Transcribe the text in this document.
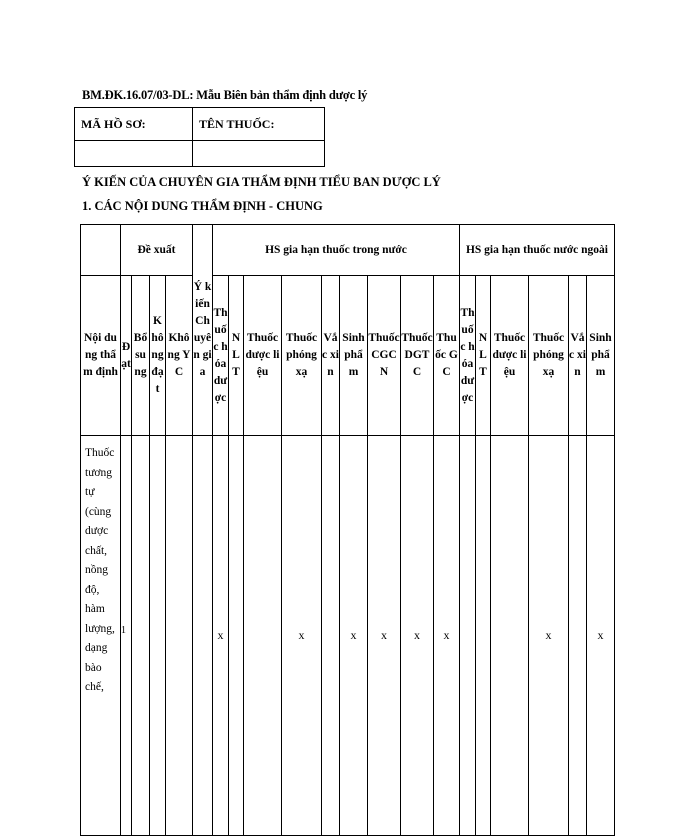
BM.ĐK.16.07/03-DL: Mẫu Biên bản thẩm định dược lý
MÃ HỒ SƠ:	TÊN THUỐC:

Ý KIẾN CỦA CHUYÊN GIA THẨM ĐỊNH TIỂU BAN DƯỢC LÝ
1. CÁC NỘI DUNG THẨM ĐỊNH - CHUNG
	Đề xuất				Ý kiến Chuyên gia	HS gia hạn thuốc trong nước									HS gia hạn thuốc nước ngoài					
Nội dung thẩm định	Đạt	Bổ sung	Không đạt	Không YC		Thuốc hóa dược	NLT	Thuốc dược liệu	Thuốc phóng xạ	Vắc xin	Sinh phẩm	Thuốc CGCN	Thuốc DGTC	Thuốc GC	Thuốc hóa dược	NLT	Thuốc dược liệu	Thuốc phóng xạ	Vắc xin	Sinh phẩm
Thuốc tương tự (cùng dược chất, nồng độ, hàm lượng, dạng bào chế,	1					x			x		x	x	x	x				x		x
